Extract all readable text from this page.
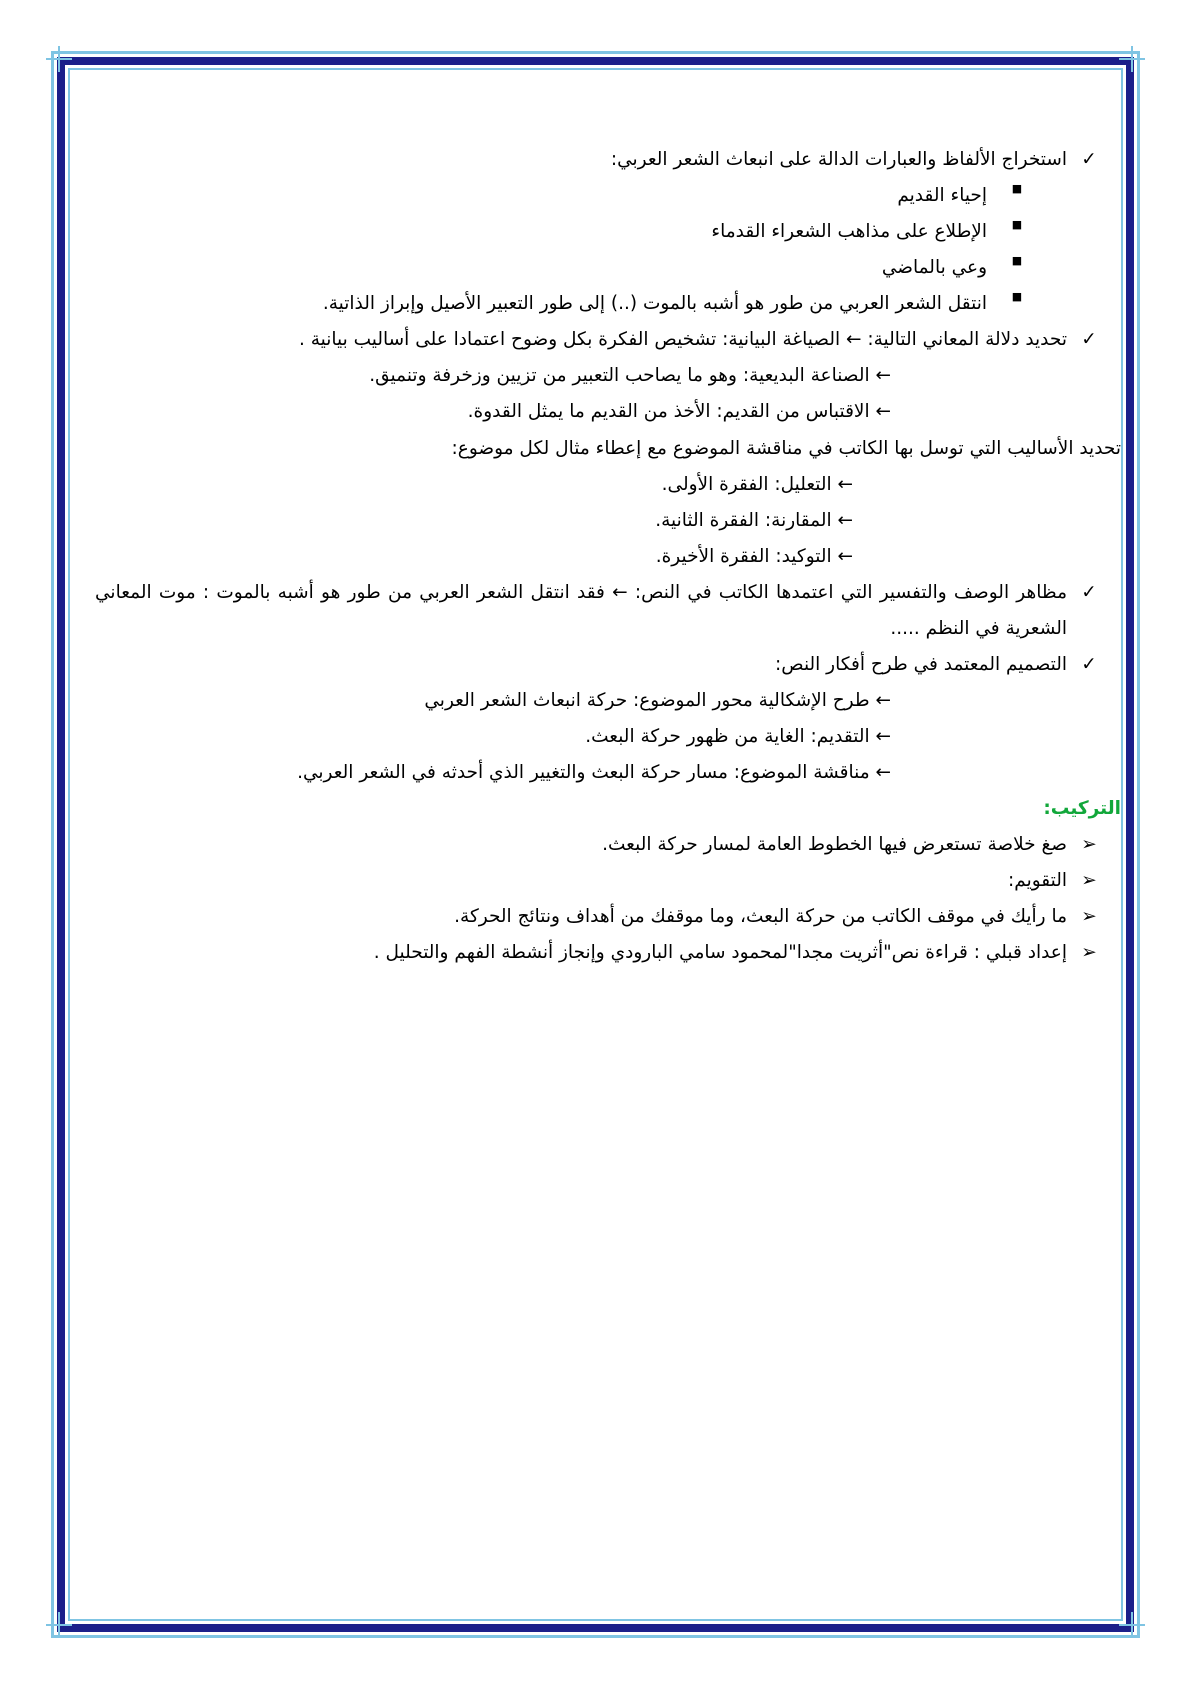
✓
استخراج الألفاظ والعبارات الدالة على انبعاث الشعر العربي:

■
إحياء القديم

■
الإطلاع على مذاهب الشعراء القدماء

■
وعي بالماضي

■
انتقل الشعر العربي من طور هو أشبه بالموت (..) إلى طور التعبير الأصيل وإبراز الذاتية.

✓
تحديد دلالة المعاني التالية: ← الصياغة البيانية: تشخيص الفكرة بكل وضوح اعتمادا على أساليب بيانية .

← الصناعة البديعية: وهو ما يصاحب التعبير من تزيين وزخرفة وتنميق.

← الاقتباس من القديم: الأخذ من القديم ما يمثل القدوة.

تحديد الأساليب التي توسل بها الكاتب في مناقشة الموضوع مع إعطاء مثال لكل موضوع:

← التعليل: الفقرة الأولى.

← المقارنة: الفقرة الثانية.

← التوكيد: الفقرة الأخيرة.

✓
مظاهر الوصف والتفسير التي اعتمدها الكاتب في النص: ← فقد انتقل الشعر العربي من طور هو أشبه بالموت : موت المعاني الشعرية في النظم .....

✓
التصميم المعتمد في طرح أفكار النص:

← طرح الإشكالية محور الموضوع: حركة انبعاث الشعر العربي

← التقديم: الغاية من ظهور حركة البعث.

← مناقشة الموضوع: مسار حركة البعث والتغيير الذي أحدثه في الشعر العربي.

التركيب:

➢
صغ خلاصة تستعرض فيها الخطوط العامة لمسار حركة البعث.

➢
التقويم:

➢
ما رأيك في موقف الكاتب من حركة البعث، وما موقفك من أهداف ونتائج الحركة.

➢
إعداد قبلي : قراءة نص"أثريت مجدا"لمحمود سامي البارودي وإنجاز أنشطة الفهم والتحليل .
